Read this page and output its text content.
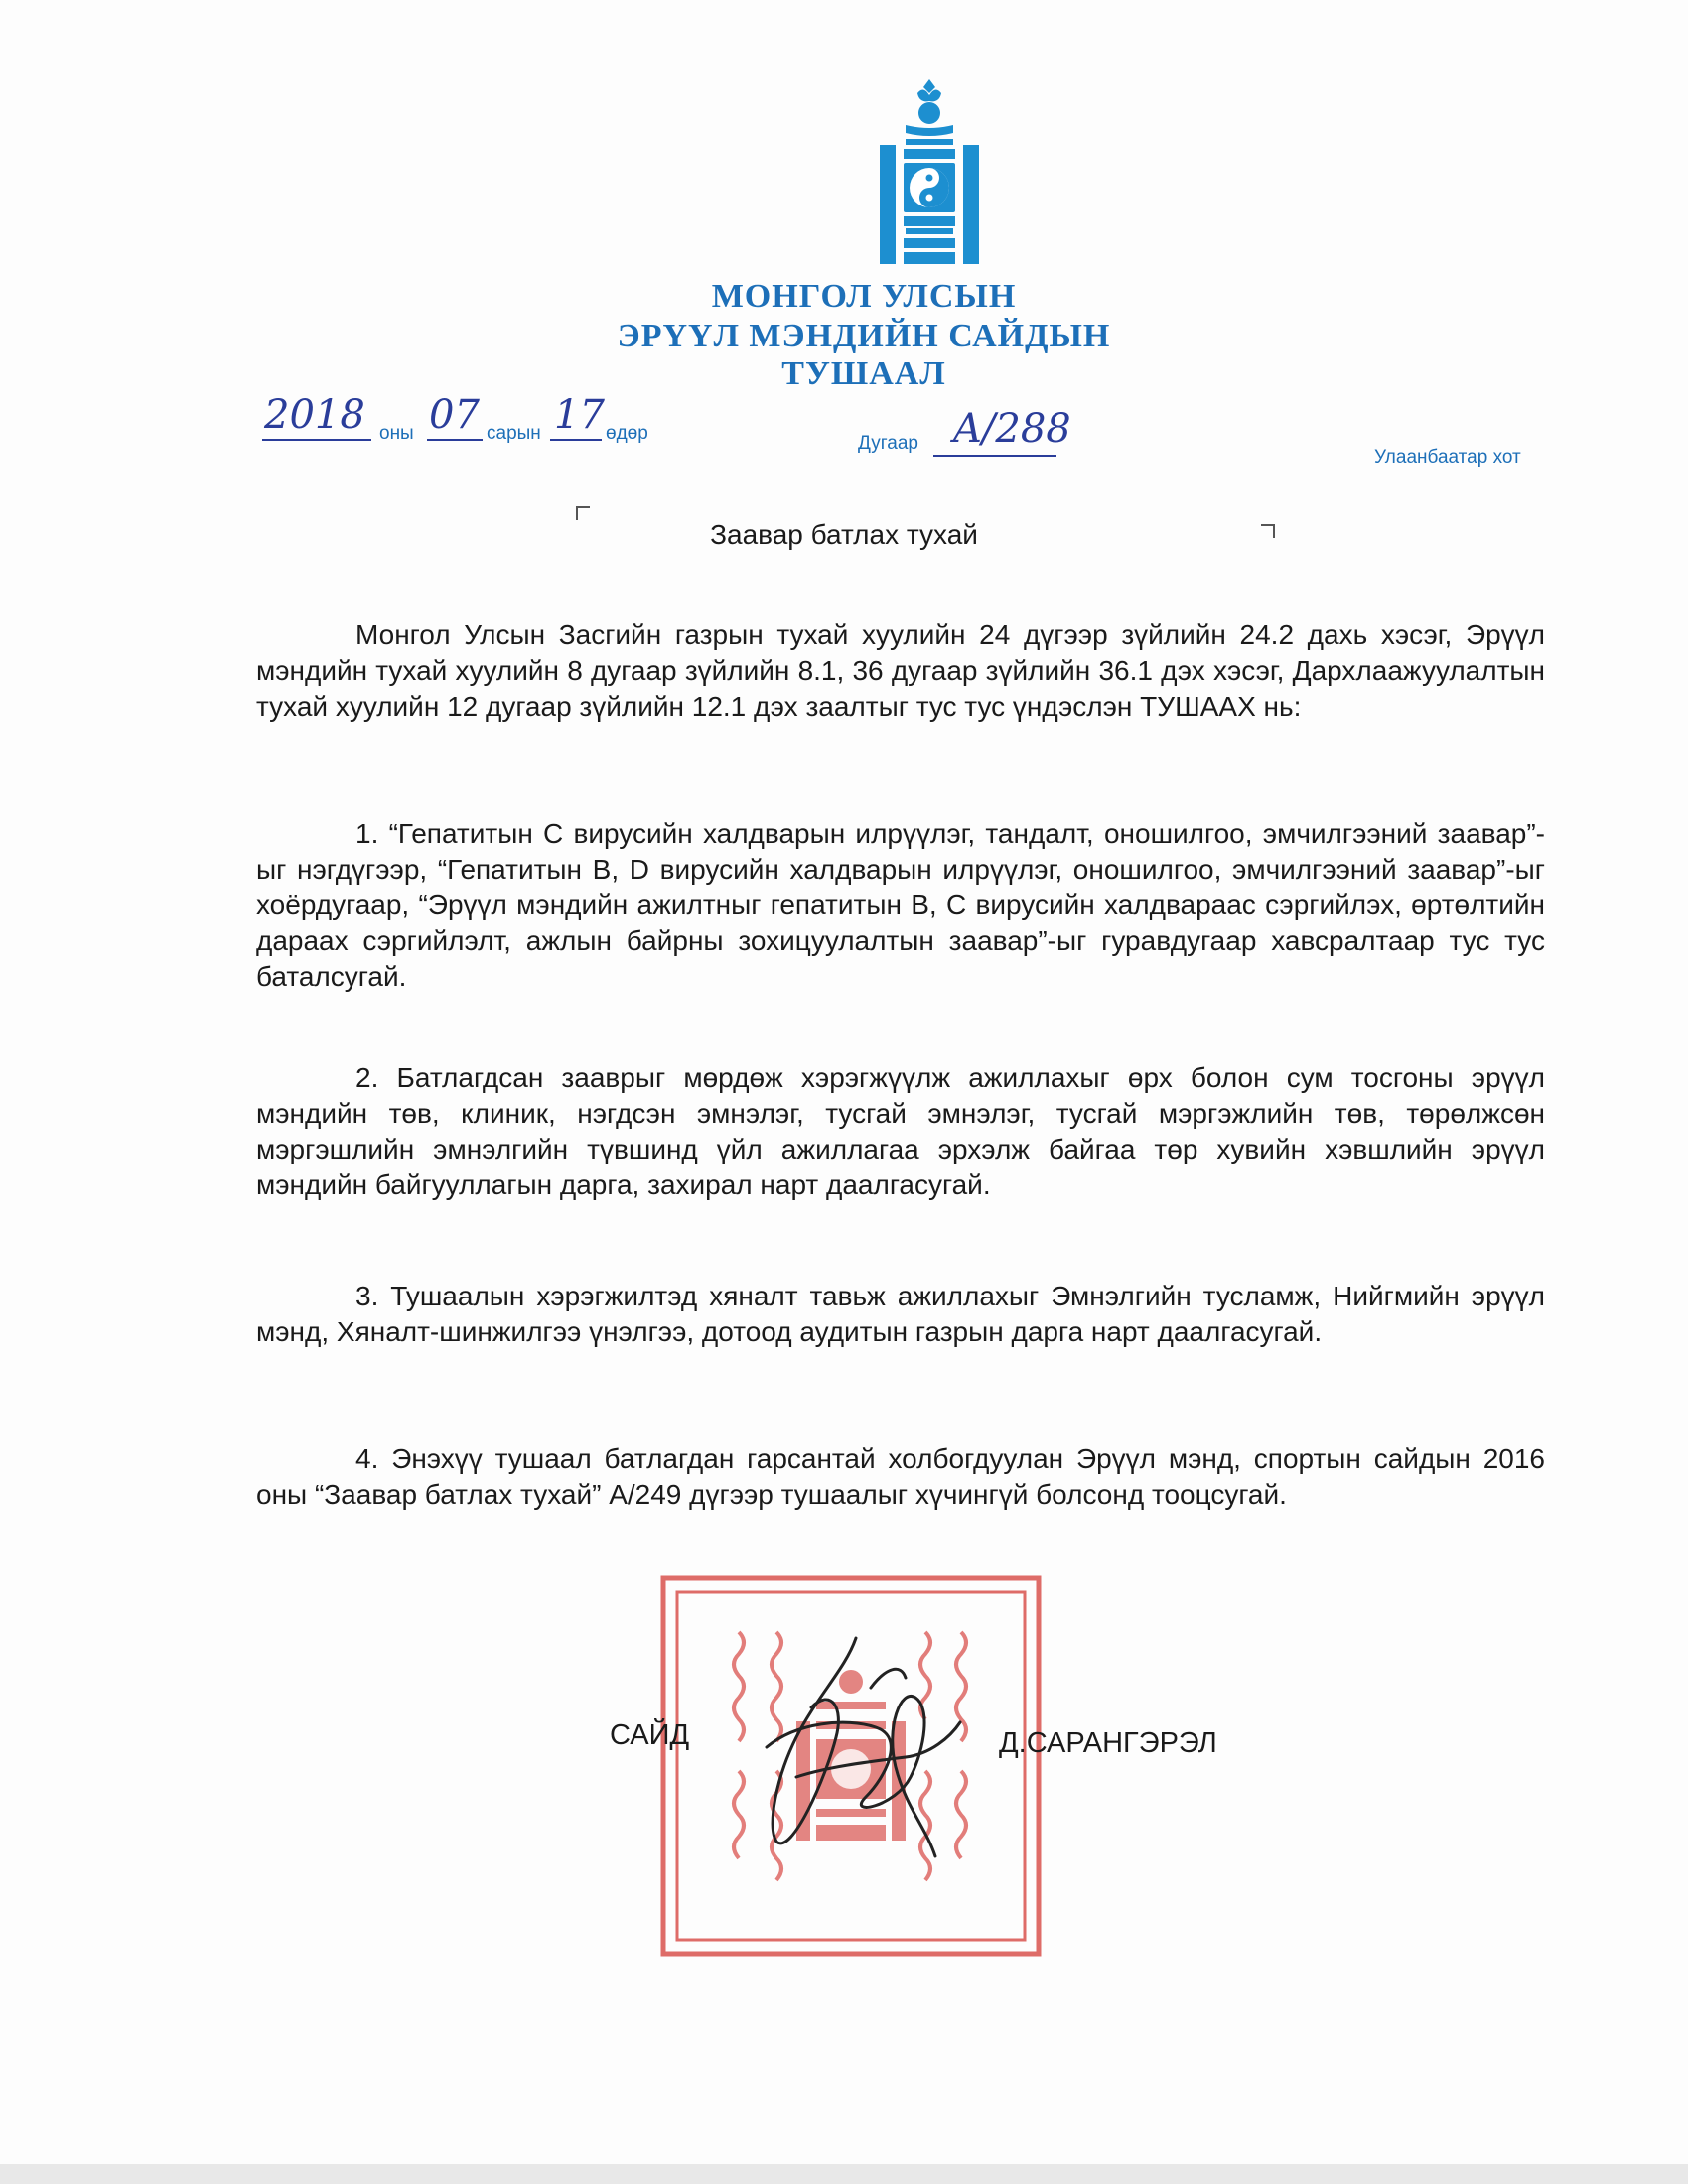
МОНГОЛ УЛСЫН
ЭРҮҮЛ МЭНДИЙН САЙДЫН
ТУШААЛ
2018 оны 07 сарын 17 өдөр	Дугаар A/288
Улаанбаатар хот
Заавар батлах тухай

Монгол Улсын Засгийн газрын тухай хуулийн 24 дүгээр зүйлийн 24.2 дахь хэсэг, Эрүүл мэндийн тухай хуулийн 8 дугаар зүйлийн 8.1, 36 дугаар зүйлийн 36.1 дэх хэсэг, Дархлаажуулалтын тухай хуулийн 12 дугаар зүйлийн 12.1 дэх заалтыг тус тус үндэслэн ТУШААХ нь:

1. “Гепатитын С вирусийн халдварын илрүүлэг, тандалт, оношилгоо, эмчилгээний заавар”-ыг нэгдүгээр, “Гепатитын В, D вирусийн халдварын илрүүлэг, оношилгоо, эмчилгээний заавар”-ыг хоёрдугаар, “Эрүүл мэндийн ажилтныг гепатитын В, С вирусийн халдвараас сэргийлэх, өртөлтийн дараах сэргийлэлт, ажлын байрны зохицуулалтын заавар”-ыг гуравдугаар хавсралтаар тус тус баталсугай.

2. Батлагдсан зааврыг мөрдөж хэрэгжүүлж ажиллахыг өрх болон сум тосгоны эрүүл мэндийн төв, клиник, нэгдсэн эмнэлэг, тусгай эмнэлэг, тусгай мэргэжлийн төв, төрөлжсөн мэргэшлийн эмнэлгийн түвшинд үйл ажиллагаа эрхэлж байгаа төр хувийн хэвшлийн эрүүл мэндийн байгууллагын дарга, захирал нарт даалгасугай.

3. Тушаалын хэрэгжилтэд хяналт тавьж ажиллахыг Эмнэлгийн тусламж, Нийгмийн эрүүл мэнд, Хяналт-шинжилгээ үнэлгээ, дотоод аудитын газрын дарга нарт даалгасугай.

4. Энэхүү тушаал батлагдан гарсантай холбогдуулан Эрүүл мэнд, спортын сайдын 2016 оны “Заавар батлах тухай” А/249 дүгээр тушаалыг хүчингүй болсонд тооцсугай.

САЙД	Д.САРАНГЭРЭЛ
